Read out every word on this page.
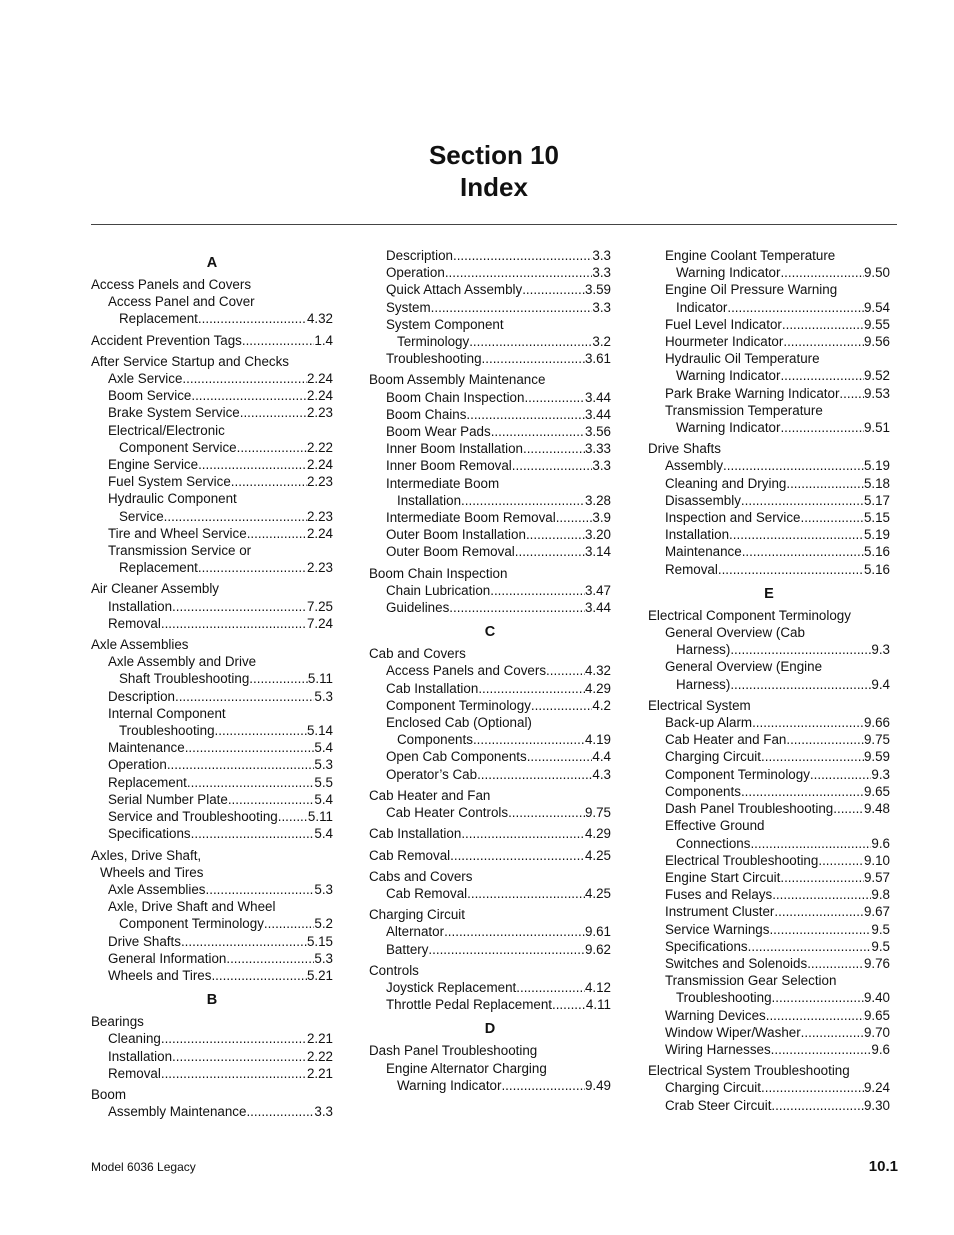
Section 10
Index
A
Access Panels and Covers
Access Panel and Cover
Replacement .....	4.32
Accident Prevention Tags .....	1.4
After Service Startup and Checks
Axle Service .....	2.24
Boom Service .....	2.24
Brake System Service .....	2.23
Electrical/Electronic
Component Service .....	2.22
Engine Service .....	2.24
Fuel System Service .....	2.23
Hydraulic Component
Service .....	2.23
Tire and Wheel Service .....	2.24
Transmission Service or
Replacement .....	2.23
Air Cleaner Assembly
Installation .....	7.25
Removal .....	7.24
Axle Assemblies
Axle Assembly and Drive
Shaft Troubleshooting .....	5.11
Description .....	5.3
Internal Component
Troubleshooting .....	5.14
Maintenance .....	5.4
Operation .....	5.3
Replacement .....	5.5
Serial Number Plate .....	5.4
Service and Troubleshooting ..... 5.11
Specifications .....	5.4
Axles, Drive Shaft,
Wheels and Tires
Axle Assemblies .....	5.3
Axle, Drive Shaft and Wheel
Component Terminology .....	5.2
Drive Shafts .....	5.15
General Information .....	5.3
Wheels and Tires .....	5.21
B
Bearings
Cleaning .....	2.21
Installation .....	2.22
Removal .....	2.21
Boom
Assembly Maintenance .....	3.3
Description .....	3.3
Operation .....	3.3
Quick Attach Assembly .....	3.59
System .....	3.3
System Component
Terminology .....	3.2
Troubleshooting .....	3.61
Boom Assembly Maintenance
Boom Chain Inspection .....	3.44
Boom Chains .....	3.44
Boom Wear Pads .....	3.56
Inner Boom Installation .....	3.33
Inner Boom Removal .....	3.3
Intermediate Boom
Installation .....	3.28
Intermediate Boom Removal .....	3.9
Outer Boom Installation .....	3.20
Outer Boom Removal .....	3.14
Boom Chain Inspection
Chain Lubrication .....	3.47
Guidelines .....	3.44
C
Cab and Covers
Access Panels and Covers .....	4.32
Cab Installation .....	4.29
Component Terminology .....	4.2
Enclosed Cab (Optional)
Components .....	4.19
Open Cab Components .....	4.4
Operator’s Cab .....	4.3
Cab Heater and Fan
Cab Heater Controls .....	9.75
Cab Installation .....	4.29
Cab Removal .....	4.25
Cabs and Covers
Cab Removal .....	4.25
Charging Circuit
Alternator .....	9.61
Battery .....	9.62
Controls
Joystick Replacement .....	4.12
Throttle Pedal Replacement .....	4.11
D
Dash Panel Troubleshooting
Engine Alternator Charging
Warning Indicator .....	9.49
Engine Coolant Temperature
Warning Indicator .....	9.50
Engine Oil Pressure Warning
Indicator .....	9.54
Fuel Level Indicator .....	9.55
Hourmeter Indicator .....	9.56
Hydraulic Oil Temperature
Warning Indicator .....	9.52
Park Brake Warning Indicator ..... 9.53
Transmission Temperature
Warning Indicator .....	9.51
Drive Shafts
Assembly .....	5.19
Cleaning and Drying .....	5.18
Disassembly .....	5.17
Inspection and Service .....	5.15
Installation .....	5.19
Maintenance .....	5.16
Removal .....	5.16
E
Electrical Component Terminology
General Overview (Cab
Harness) .....	9.3
General Overview (Engine
Harness) .....	9.4
Electrical System
Back-up Alarm .....	9.66
Cab Heater and Fan .....	9.75
Charging Circuit .....	9.59
Component Terminology .....	9.3
Components .....	9.65
Dash Panel Troubleshooting ..... 9.48
Effective Ground
Connections .....	9.6
Electrical Troubleshooting .....	9.10
Engine Start Circuit .....	9.57
Fuses and Relays .....	9.8
Instrument Cluster .....	9.67
Service Warnings .....	9.5
Specifications .....	9.5
Switches and Solenoids .....	9.76
Transmission Gear Selection
Troubleshooting .....	9.40
Warning Devices .....	9.65
Window Wiper/Washer .....	9.70
Wiring Harnesses .....	9.6
Electrical System Troubleshooting
Charging Circuit .....	9.24
Crab Steer Circuit .....	9.30
Model 6036 Legacy	10.1
